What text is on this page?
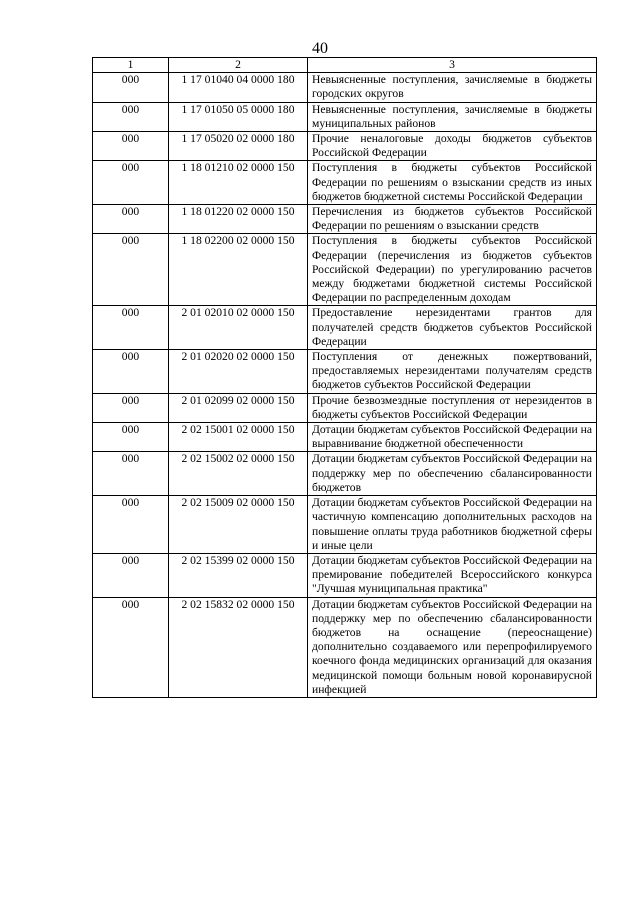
40
1	2	3
000	1 17 01040 04 0000 180	Невыясненные поступления, зачисляемые в бюджеты городских округов
000	1 17 01050 05 0000 180	Невыясненные поступления, зачисляемые в бюджеты муниципальных районов
000	1 17 05020 02 0000 180	Прочие неналоговые доходы бюджетов субъектов Российской Федерации
000	1 18 01210 02 0000 150	Поступления в бюджеты субъектов Российской Федерации по решениям о взыскании средств из иных бюджетов бюджетной системы Российской Федерации
000	1 18 01220 02 0000 150	Перечисления из бюджетов субъектов Российской Федерации по решениям о взыскании средств
000	1 18 02200 02 0000 150	Поступления в бюджеты субъектов Российской Федерации (перечисления из бюджетов субъектов Российской Федерации) по урегулированию расчетов между бюджетами бюджетной системы Российской Федерации по распределенным доходам
000	2 01 02010 02 0000 150	Предоставление нерезидентами грантов для получателей средств бюджетов субъектов Российской Федерации
000	2 01 02020 02 0000 150	Поступления от денежных пожертвований, предоставляемых нерезидентами получателям средств бюджетов субъектов Российской Федерации
000	2 01 02099 02 0000 150	Прочие безвозмездные поступления от нерезидентов в бюджеты субъектов Российской Федерации
000	2 02 15001 02 0000 150	Дотации бюджетам субъектов Российской Федерации на выравнивание бюджетной обеспеченности
000	2 02 15002 02 0000 150	Дотации бюджетам субъектов Российской Федерации на поддержку мер по обеспечению сбалансированности бюджетов
000	2 02 15009 02 0000 150	Дотации бюджетам субъектов Российской Федерации на частичную компенсацию дополнительных расходов на повышение оплаты труда работников бюджетной сферы и иные цели
000	2 02 15399 02 0000 150	Дотации бюджетам субъектов Российской Федерации на премирование победителей Всероссийского конкурса "Лучшая муниципальная практика"
000	2 02 15832 02 0000 150	Дотации бюджетам субъектов Российской Федерации на поддержку мер по обеспечению сбалансированности бюджетов на оснащение (переоснащение) дополнительно создаваемого или перепрофилируемого коечного фонда медицинских организаций для оказания медицинской помощи больным новой коронавирусной инфекцией
